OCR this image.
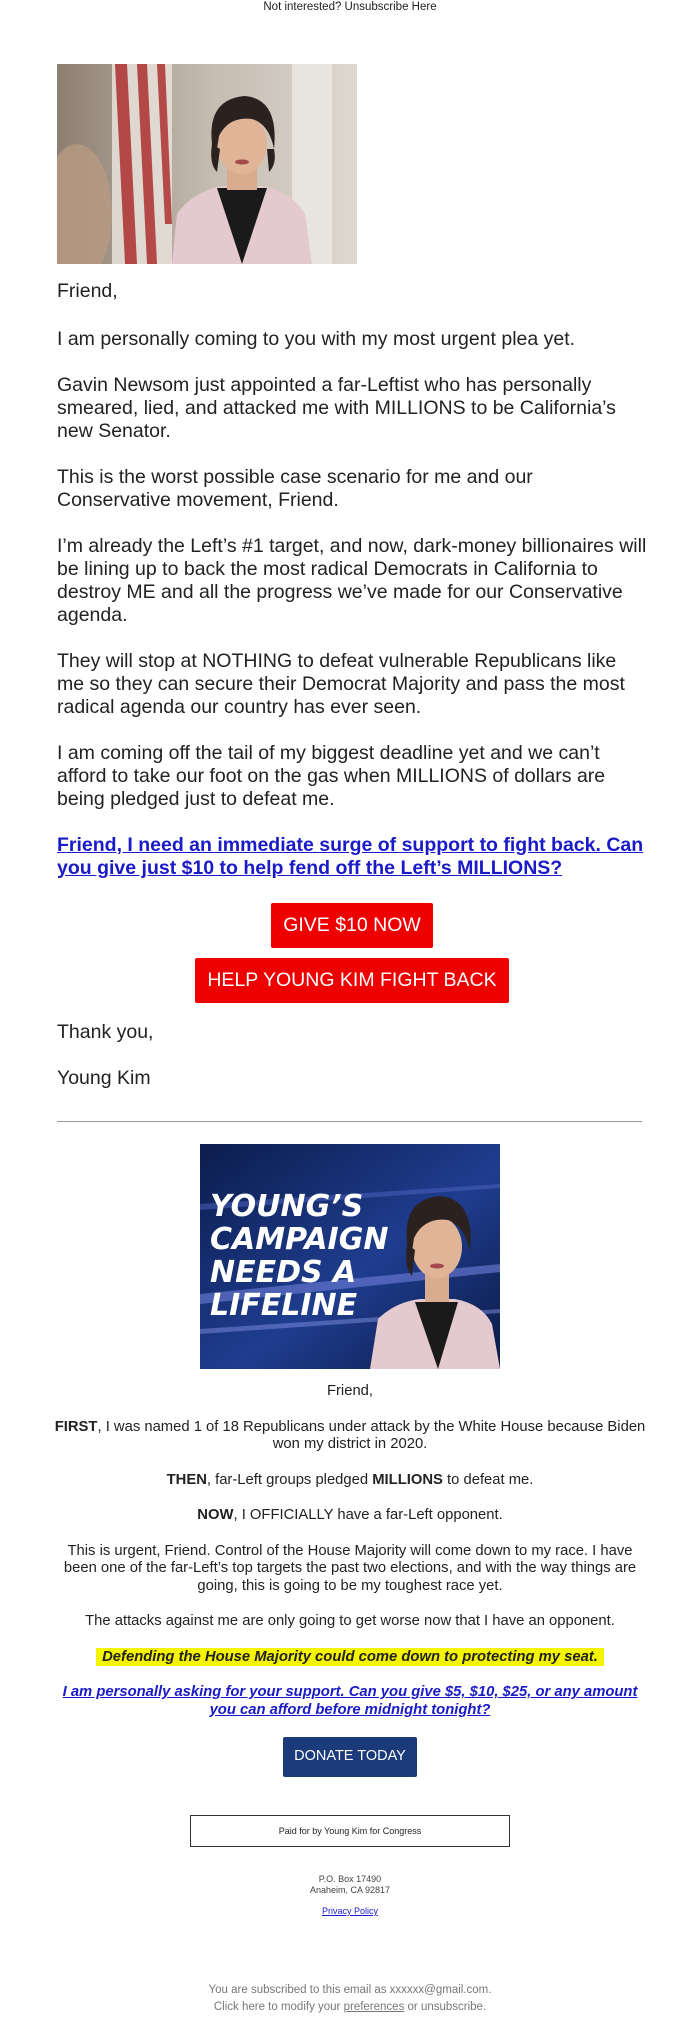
Not interested? Unsubscribe Here

Friend,

I am personally coming to you with my most urgent plea yet.

Gavin Newsom just appointed a far-Leftist who has personally smeared, lied, and attacked me with MILLIONS to be California’s new Senator.

This is the worst possible case scenario for me and our Conservative movement, Friend.

I’m already the Left’s #1 target, and now, dark-money billionaires will be lining up to back the most radical Democrats in California to destroy ME and all the progress we’ve made for our Conservative agenda.

They will stop at NOTHING to defeat vulnerable Republicans like me so they can secure their Democrat Majority and pass the most radical agenda our country has ever seen.

I am coming off the tail of my biggest deadline yet and we can’t afford to take our foot on the gas when MILLIONS of dollars are being pledged just to defeat me.

Friend, I need an immediate surge of support to fight back. Can you give just $10 to help fend off the Left’s MILLIONS?
GIVE $10 NOW
HELP YOUNG KIM FIGHT BACK

Thank you,

Young Kim

YOUNG’S
CAMPAIGN
NEEDS A
LIFELINE

Friend,

FIRST, I was named 1 of 18 Republicans under attack by the White House because Biden won my district in 2020.

THEN, far-Left groups pledged MILLIONS to defeat me.

NOW, I OFFICIALLY have a far-Left opponent.

This is urgent, Friend. Control of the House Majority will come down to my race. I have been one of the far-Left’s top targets the past two elections, and with the way things are going, this is going to be my toughest race yet.

The attacks against me are only going to get worse now that I have an opponent.

Defending the House Majority could come down to protecting my seat.

I am personally asking for your support. Can you give $5, $10, $25, or any amount you can afford before midnight tonight?

DONATE TODAY
Paid for by Young Kim for Congress
P.O. Box 17490
Anaheim, CA 92817
Privacy Policy
You are subscribed to this email as xxxxxx@gmail.com.
Click here to modify your preferences or unsubscribe.
